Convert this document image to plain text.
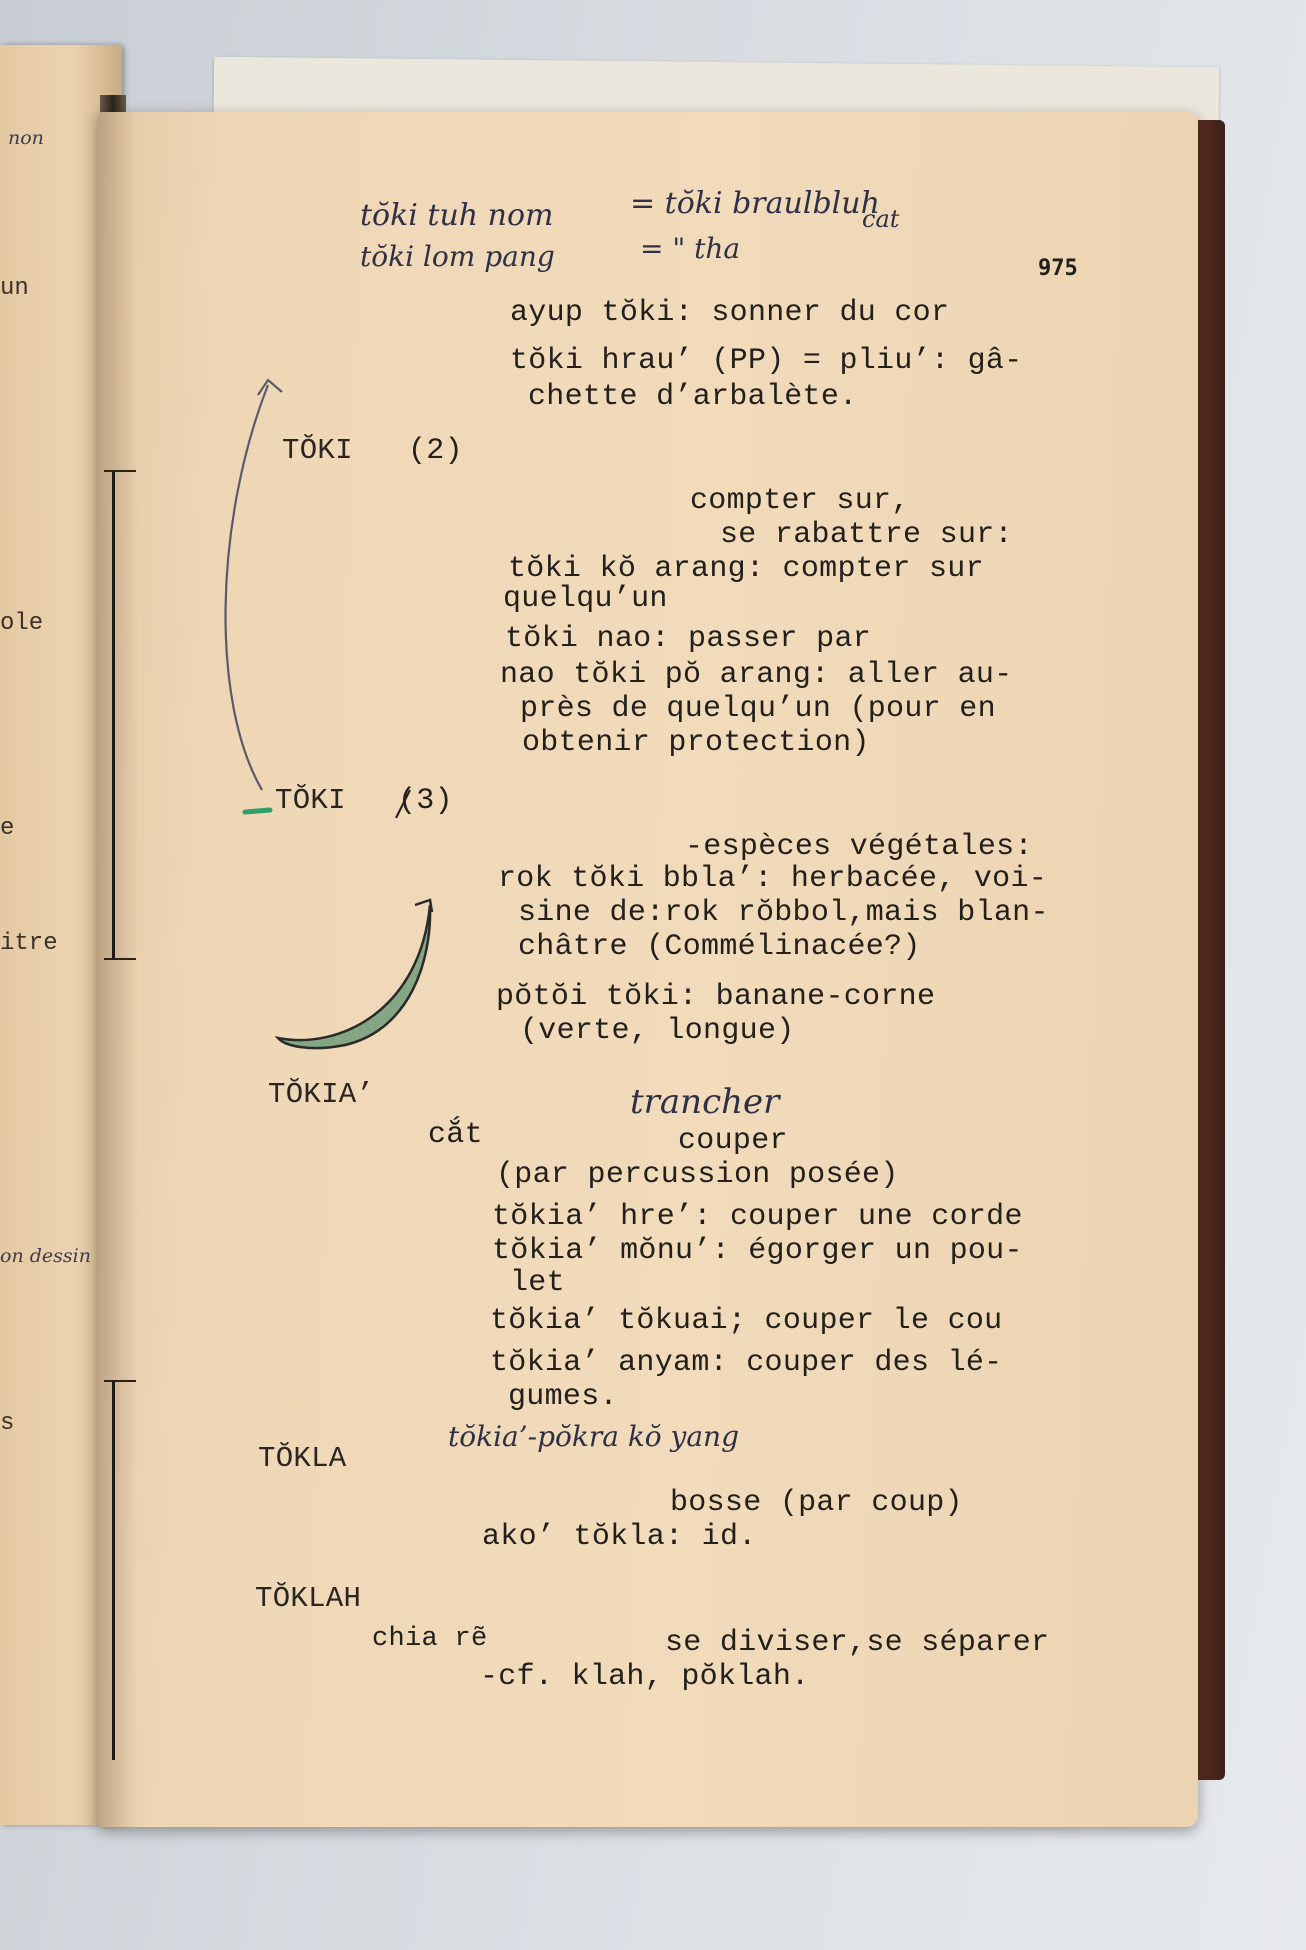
non
un
ole
e
itre
on dessin
s
tŏki tuh nom	= tŏki braulbluh
cat
tŏki lom pang	= " tha
975
ayup tŏki: sonner du cor
tŏki hrau’ (PP) = pliu’: gâ-
chette d’arbalète.
TŎKI (2)
compter sur,
se rabattre sur:
tŏki kŏ arang: compter sur
quelqu’un
tŏki nao: passer par
nao tŏki pŏ arang: aller au-
près de quelqu’un (pour en
obtenir protection)
TŎKI (3)
-espèces végétales:
rok tŏki bbla’: herbacée, voi-
sine de:rok rŏbbol,mais blan-
châtre (Commélinacée?)
pŏtŏi tŏki: banane-corne
(verte, longue)
TŎKIA’	trancher
cắt	couper
(par percussion posée)
tŏkia’ hre’: couper une corde
tŏkia’ mŏnu’: égorger un pou-
let
tŏkia’ tŏkuai; couper le cou
tŏkia’ anyam: couper des lé-
gumes.
TŎKLA
tŏkia’-pŏkra kŏ yang
bosse (par coup)
ako’ tŏkla: id.
TŎKLAH
chia rẽ	se diviser,se séparer
-cf. klah, pŏklah.
